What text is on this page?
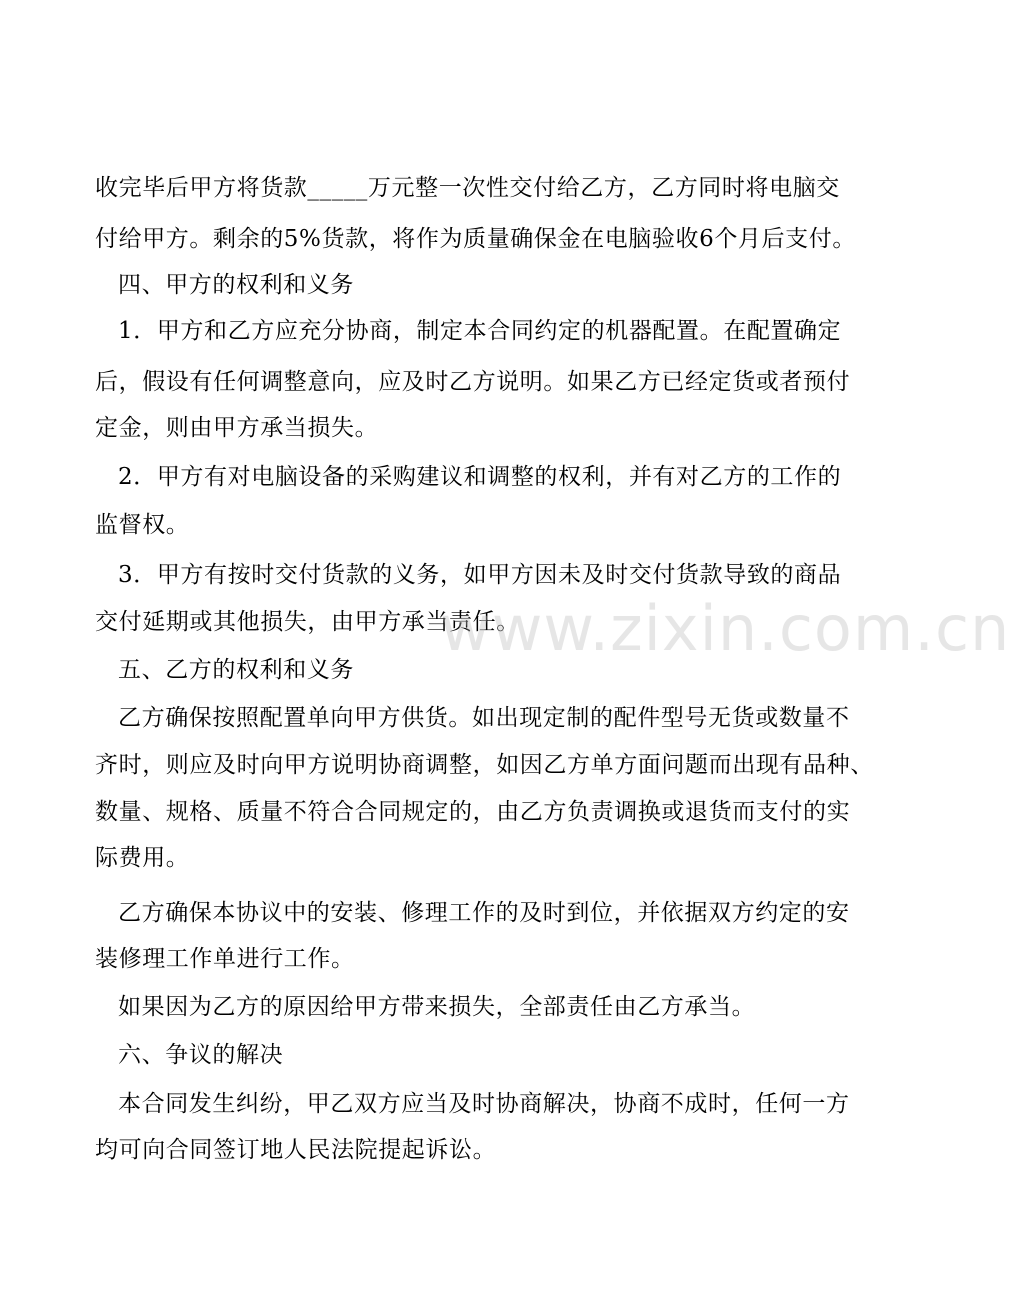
收完毕后甲方将货款_____万元整一次性交付给乙方，乙方同时将电脑交
付给甲方。剩余的5%货款，将作为质量确保金在电脑验收6个月后支付。
四、甲方的权利和义务
1．甲方和乙方应充分协商，制定本合同约定的机器配置。在配置确定
后，假设有任何调整意向，应及时乙方说明。如果乙方已经定货或者预付
定金，则由甲方承当损失。
2．甲方有对电脑设备的采购建议和调整的权利，并有对乙方的工作的
监督权。
3．甲方有按时交付货款的义务，如甲方因未及时交付货款导致的商品
交付延期或其他损失，由甲方承当责任。
五、乙方的权利和义务
乙方确保按照配置单向甲方供货。如出现定制的配件型号无货或数量不
齐时，则应及时向甲方说明协商调整，如因乙方单方面问题而出现有品种、
数量、规格、质量不符合合同规定的，由乙方负责调换或退货而支付的实
际费用。
乙方确保本协议中的安装、修理工作的及时到位，并依据双方约定的安
装修理工作单进行工作。
如果因为乙方的原因给甲方带来损失，全部责任由乙方承当。
六、争议的解决
本合同发生纠纷，甲乙双方应当及时协商解决，协商不成时，任何一方
均可向合同签订地人民法院提起诉讼。
www.zixin.com.cn
